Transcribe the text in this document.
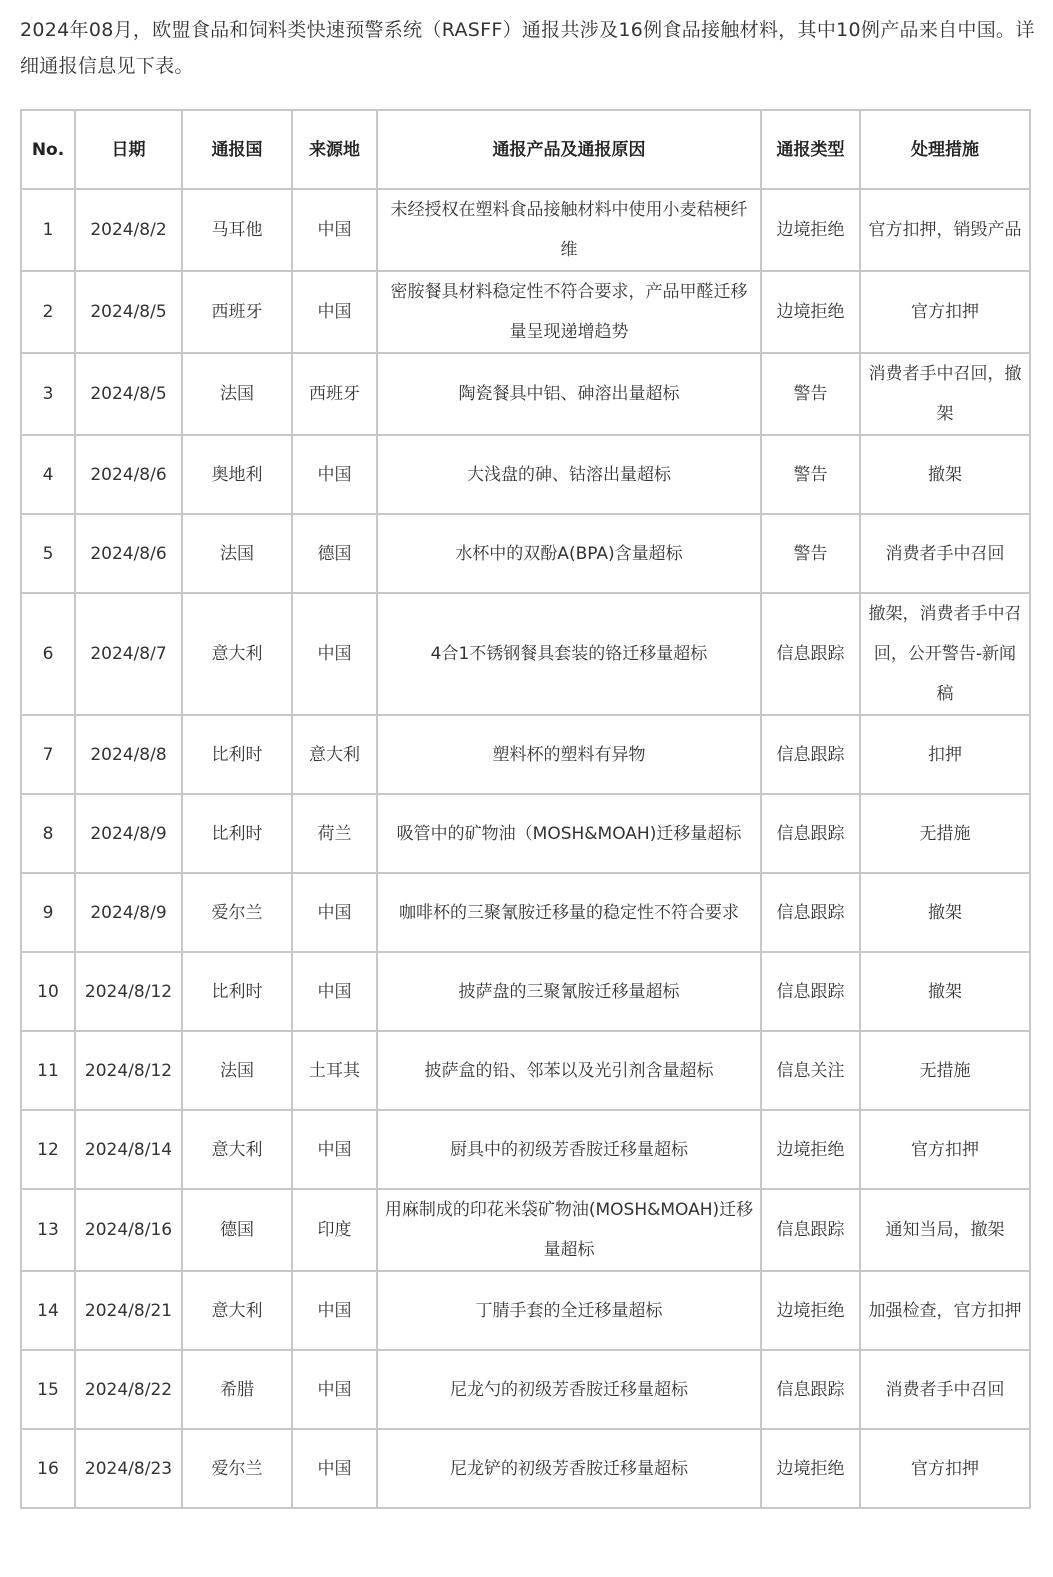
2024年08月，欧盟食品和饲料类快速预警系统（RASFF）通报共涉及16例食品接触材料，其中10例产品来自中国。详细通报信息见下表。

No.	日期	通报国	来源地	通报产品及通报原因	通报类型	处理措施
1	2024/8/2	马耳他	中国	未经授权在塑料食品接触材料中使用小麦秸梗纤维	边境拒绝	官方扣押，销毁产品
2	2024/8/5	西班牙	中国	密胺餐具材料稳定性不符合要求，产品甲醛迁移量呈现递增趋势	边境拒绝	官方扣押
3	2024/8/5	法国	西班牙	陶瓷餐具中铝、砷溶出量超标	警告	消费者手中召回，撤架
4	2024/8/6	奥地利	中国	大浅盘的砷、钴溶出量超标	警告	撤架
5	2024/8/6	法国	德国	水杯中的双酚A(BPA)含量超标	警告	消费者手中召回
6	2024/8/7	意大利	中国	4合1不锈钢餐具套装的铬迁移量超标	信息跟踪	撤架，消费者手中召回，公开警告-新闻稿
7	2024/8/8	比利时	意大利	塑料杯的塑料有异物	信息跟踪	扣押
8	2024/8/9	比利时	荷兰	吸管中的矿物油（MOSH&MOAH)迁移量超标	信息跟踪	无措施
9	2024/8/9	爱尔兰	中国	咖啡杯的三聚氰胺迁移量的稳定性不符合要求	信息跟踪	撤架
10	2024/8/12	比利时	中国	披萨盘的三聚氰胺迁移量超标	信息跟踪	撤架
11	2024/8/12	法国	土耳其	披萨盒的铅、邻苯以及光引剂含量超标	信息关注	无措施
12	2024/8/14	意大利	中国	厨具中的初级芳香胺迁移量超标	边境拒绝	官方扣押
13	2024/8/16	德国	印度	用麻制成的印花米袋矿物油(MOSH&MOAH)迁移量超标	信息跟踪	通知当局，撤架
14	2024/8/21	意大利	中国	丁腈手套的全迁移量超标	边境拒绝	加强检查，官方扣押
15	2024/8/22	希腊	中国	尼龙勺的初级芳香胺迁移量超标	信息跟踪	消费者手中召回
16	2024/8/23	爱尔兰	中国	尼龙铲的初级芳香胺迁移量超标	边境拒绝	官方扣押
